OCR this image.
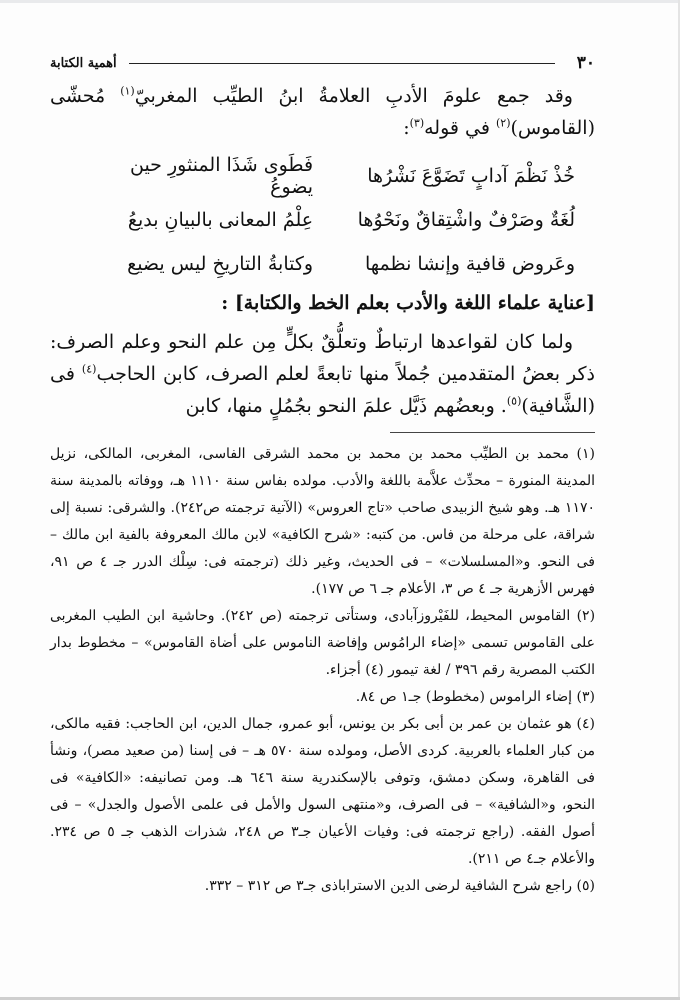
٣٠
أهمية الكتابة
وقد جمع علومَ الأدبِ العلامةُ ابنُ الطيِّب المغربيّ$^{(١)}$ مُحشّى (القاموس)$^{(٢)}$ في قوله$^{(٣)}$:
خُذْ نَظْمَ آدابٍ تَضَوَّعَ نَشْرُها
فَطَوى شَذَا المنثورِ حين يضوعُ
لُغَةٌ وصَرْفٌ واشْتِقاقٌ ونَحْوُها
عِلْمُ المعانى بالبيانِ بديعُ
وعَروض قافية وإنشا نظمها
وكتابةُ التاريخِ ليس يضيع
[عناية علماء اللغة والأدب بعلم الخط والكتابة] :
ولما كان لقواعدها ارتباطٌ وتعلُّقٌ بكلٍّ مِن علم النحو وعلم الصرف: ذكر بعضُ المتقدمين جُملاً منها تابعةً لعلم الصرف، كابن الحاجب$^{(٤)}$ فى (الشَّافية)$^{(٥)}$. وبعضُهم ذَيَّل علمَ النحو بجُمُلٍ منها، كابن
(١) محمد بن الطيِّب محمد بن محمد بن محمد الشرقى الفاسى، المغربى، المالكى، نزيل المدينة المنورة – محدِّث علاَّمة باللغة والأدب. مولده بفاس سنة ١١١٠ هـ، ووفاته بالمدينة سنة ١١٧٠ هـ. وهو شيخ الزبيدى صاحب «تاج العروس» (الآتية ترجمته ص٢٤٢). والشرقى: نسبة إلى شراقة، على مرحلة من فاس. من كتبه: «شرح الكافية» لابن مالك المعروفة بالفية ابن مالك – فى النحو. و«المسلسلات» – فى الحديث، وغير ذلك (ترجمته فى: سِلْك الدرر جـ ٤ ص ٩١، فهرس الأزهرية جـ ٤ ص ٣، الأعلام جـ ٦ ص ١٧٧).
(٢) القاموس المحيط، للفَيْروزآبادى، وستأتى ترجمته (ص ٢٤٢). وحاشية ابن الطيب المغربى على القاموس تسمى «إضاء الرامُوس وإفاضة الناموس على أضاة القاموس» – مخطوط بدار الكتب المصرية رقم ٣٩٦ / لغة تيمور (٤) أجزاء.
(٣) إضاء الراموس (مخطوط) جـ١ ص ٨٤.
(٤) هو عثمان بن عمر بن أبى بكر بن يونس، أبو عمرو، جمال الدين، ابن الحاجب: فقيه مالكى، من كبار العلماء بالعربية. كردى الأصل، ومولده سنة ٥٧٠ هـ – فى إسنا (من صعيد مصر)، ونشأ فى القاهرة، وسكن دمشق، وتوفى بالإسكندرية سنة ٦٤٦ هـ. ومن تصانيفه: «الكافية» فى النحو، و«الشافية» – فى الصرف، و«منتهى السول والأمل فى علمى الأصول والجدل» – فى أصول الفقه. (راجع ترجمته فى: وفيات الأعيان جـ٣ ص ٢٤٨، شذرات الذهب جـ ٥ ص ٢٣٤. والأعلام جـ٤ ص ٢١١).
(٥) راجع شرح الشافية لرضى الدين الاستراباذى جـ٣ ص ٣١٢ – ٣٣٢.
